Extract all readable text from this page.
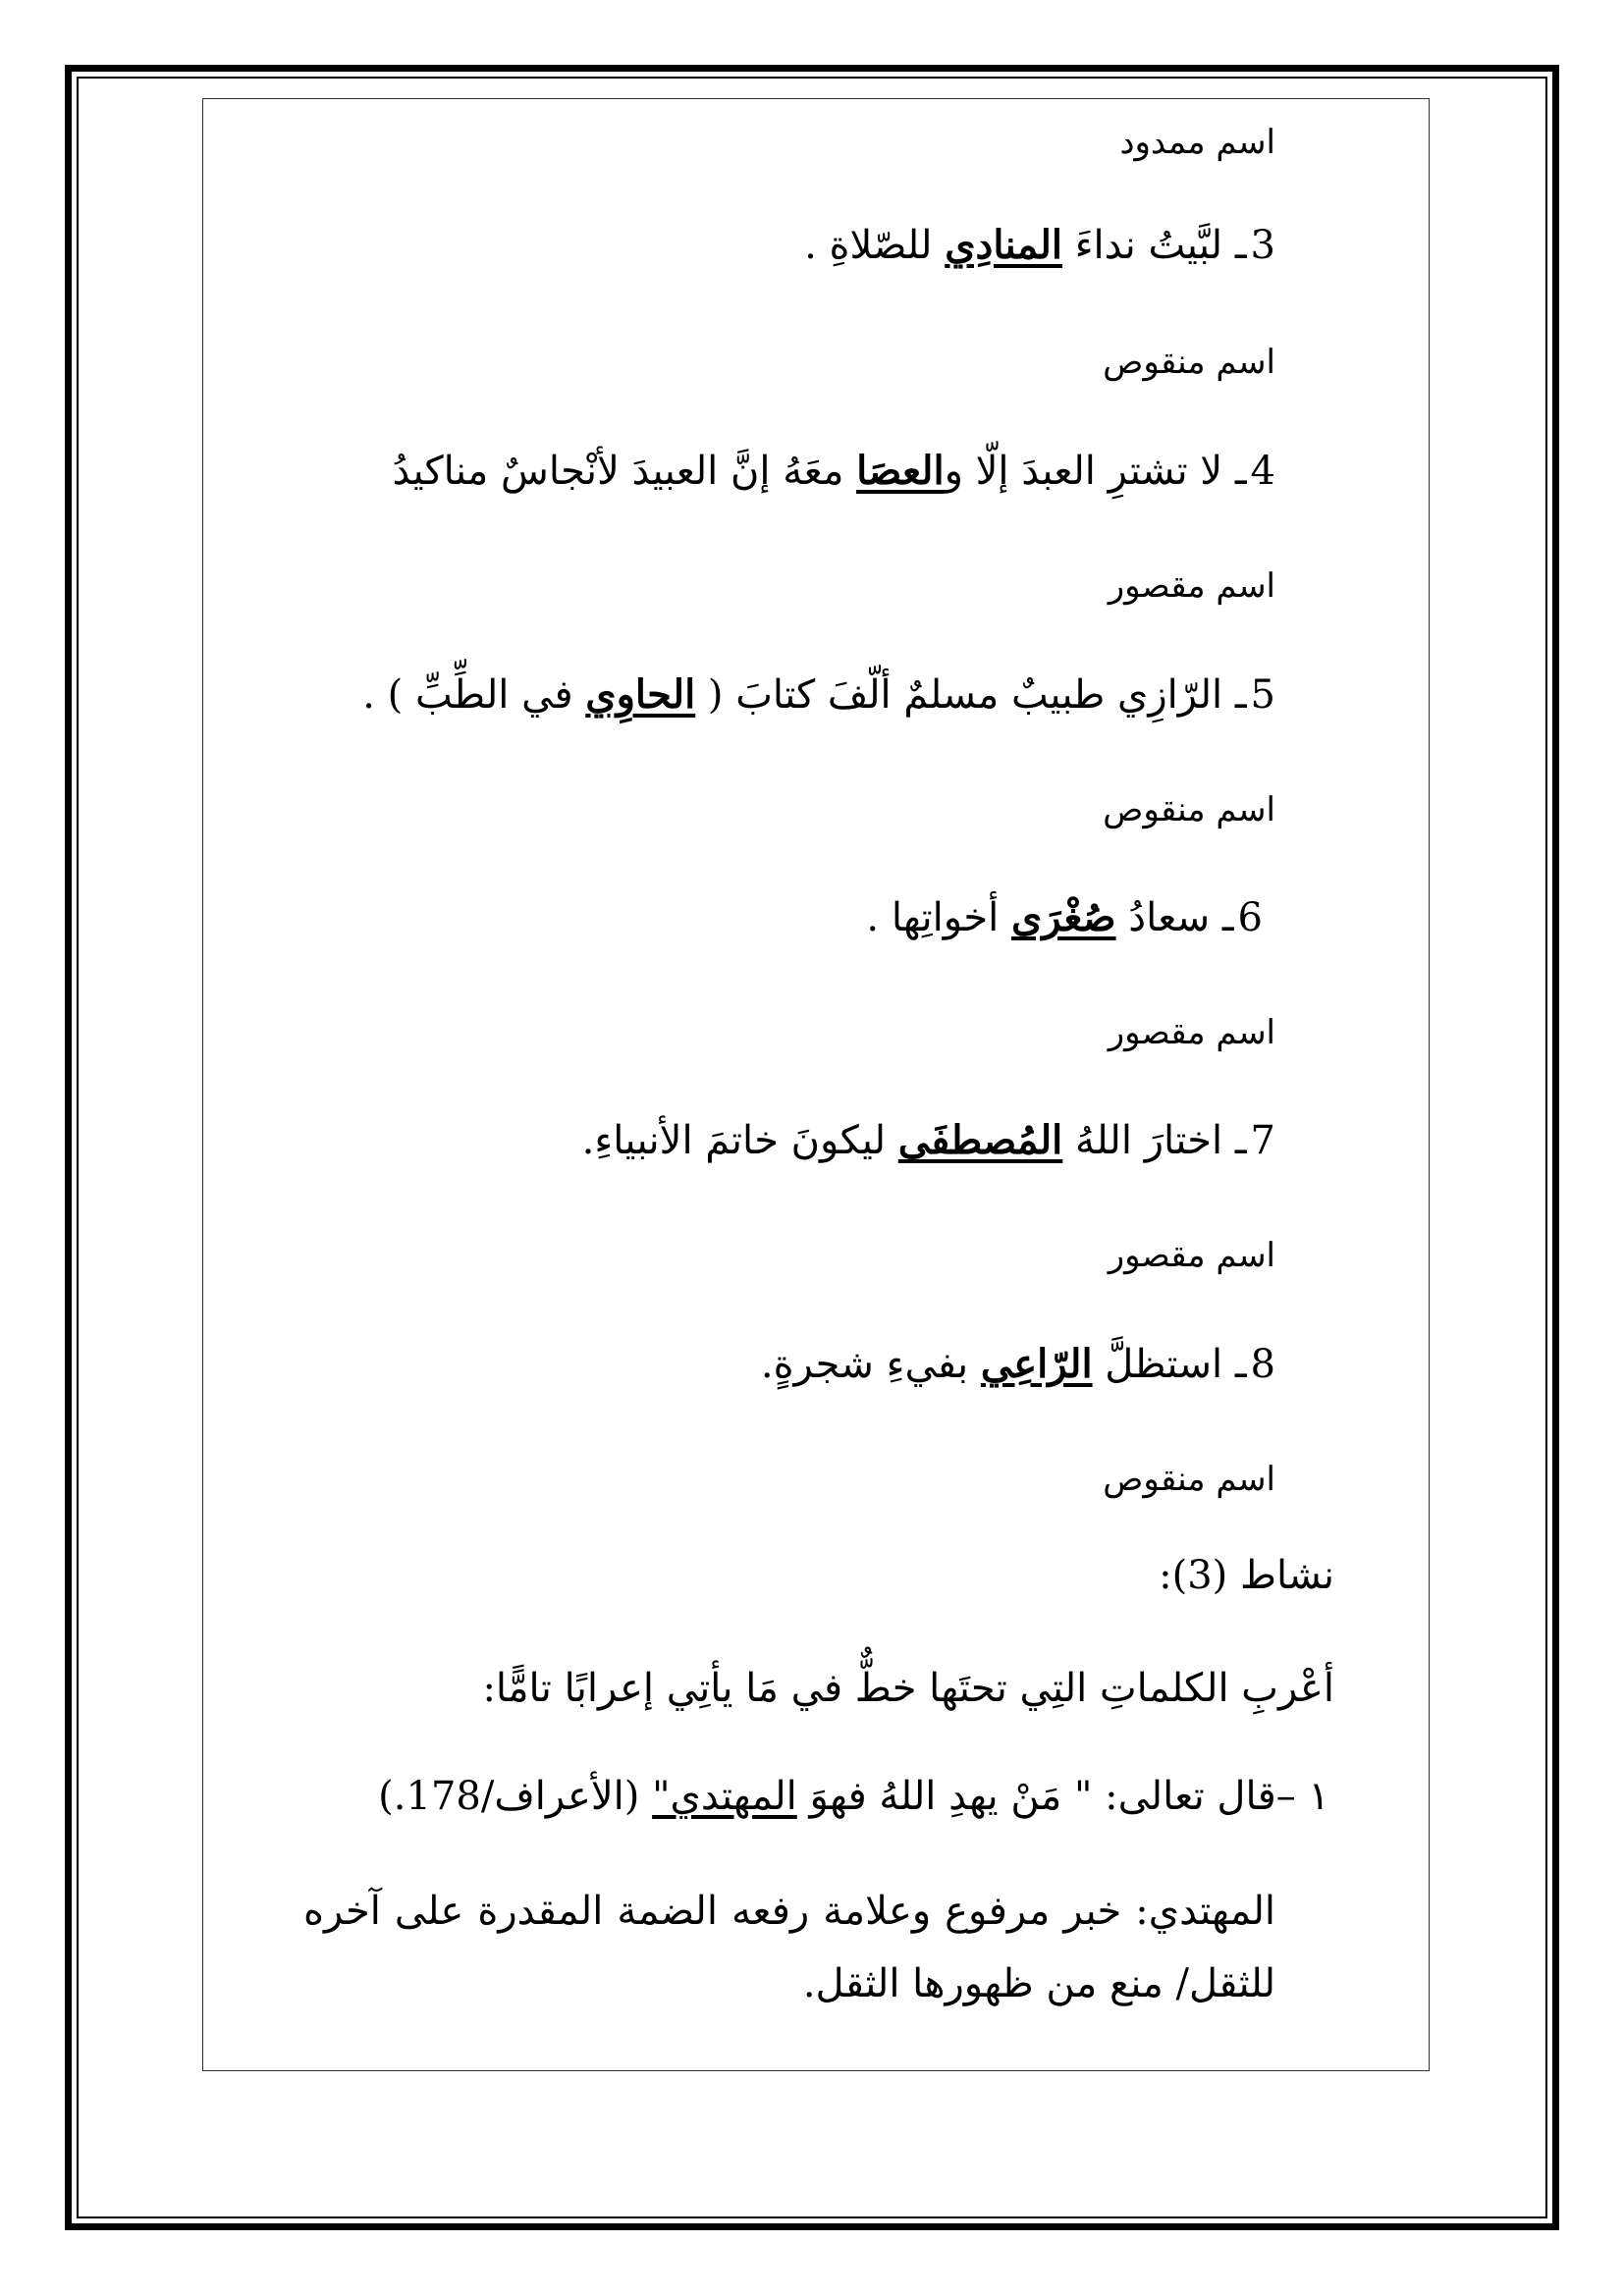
اسم ممدود
3ـ لبَّيتُ نداءَ المنادِي للصّلاةِ .
اسم منقوص
4ـ لا تشترِ العبدَ إلّا والعصَا معَهُ إنَّ العبيدَ لأنْجاسٌ مناكيدُ
اسم مقصور
5ـ الرّازِي طبيبٌ مسلمٌ ألّفَ كتابَ ( الحاوِي في الطِّبِّ ) .
اسم منقوص
6ـ سعادُ صُغْرَى أخواتِها .
اسم مقصور
7ـ اختارَ اللهُ المُصطفَى ليكونَ خاتمَ الأنبياءِ.
اسم مقصور
8ـ استظلَّ الرّاعِي بفيءِ شجرةٍ.
اسم منقوص
نشاط (3):
أعْربِ الكلماتِ التِي تحتَها خطٌّ في مَا يأتِي إعرابًا تامًّا:
١ –قال تعالى: " مَنْ يهدِ اللهُ فهوَ المهتدي" (الأعراف/178.)
المهتدي: خبر مرفوع وعلامة رفعه الضمة المقدرة على آخره للثقل/ منع من ظهورها الثقل.
